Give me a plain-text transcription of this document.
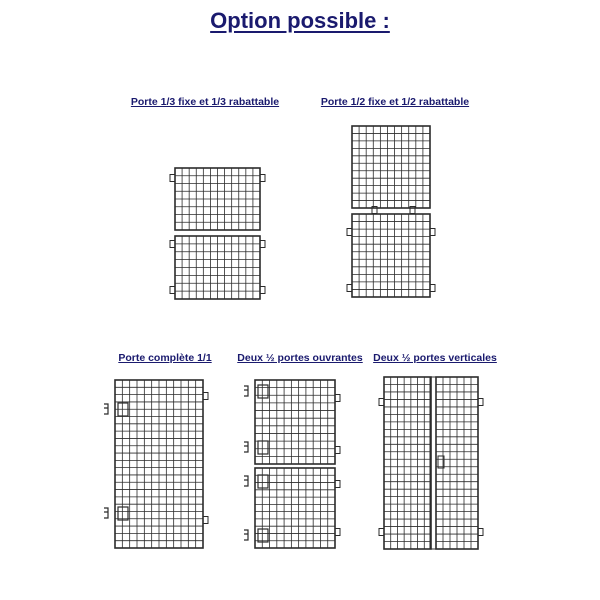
Option possible :
Porte 1/3 fixe et 1/3 rabattable	Porte 1/2 fixe et 1/2 rabattable
Porte complète 1/1	Deux ½ portes ouvrantes Deux ½ portes verticales
